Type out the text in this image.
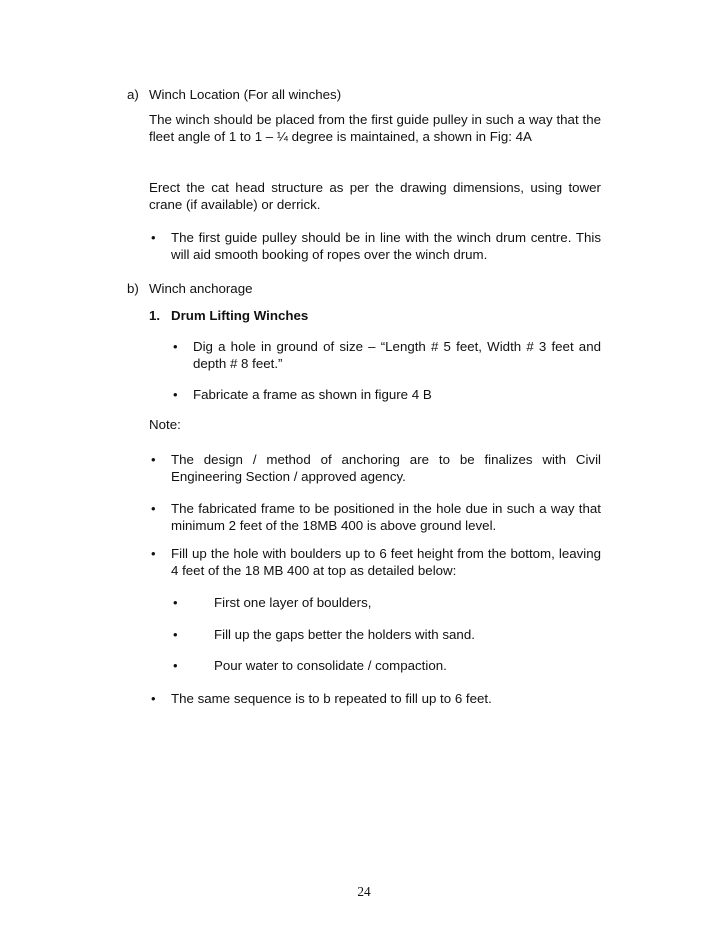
a) Winch Location (For all winches)

The winch should be placed from the first guide pulley in such a way that the fleet angle of 1 to 1 – ¼ degree is maintained, a shown in Fig: 4A

Erect the cat head structure as per the drawing dimensions, using tower crane (if available) or derrick.

• The first guide pulley should be in line with the winch drum centre. This will aid smooth booking of ropes over the winch drum.

b) Winch anchorage
1. Drum Lifting Winches
• Dig a hole in ground of size – “Length # 5 feet, Width # 3 feet and depth # 8 feet.”

• Fabricate a frame as shown in figure 4 B

Note:
• The design / method of anchoring are to be finalizes with Civil Engineering Section / approved agency.

• The fabricated frame to be positioned in the hole due in such a way that minimum 2 feet of the 18MB 400 is above ground level.

• Fill up the hole with boulders up to 6 feet height from the bottom, leaving 4 feet of the 18 MB 400 at top as detailed below:

•	First one layer of boulders,
•	Fill up the gaps better the holders with sand.
•	Pour water to consolidate / compaction.
• The same sequence is to b repeated to fill up to 6 feet.
24
